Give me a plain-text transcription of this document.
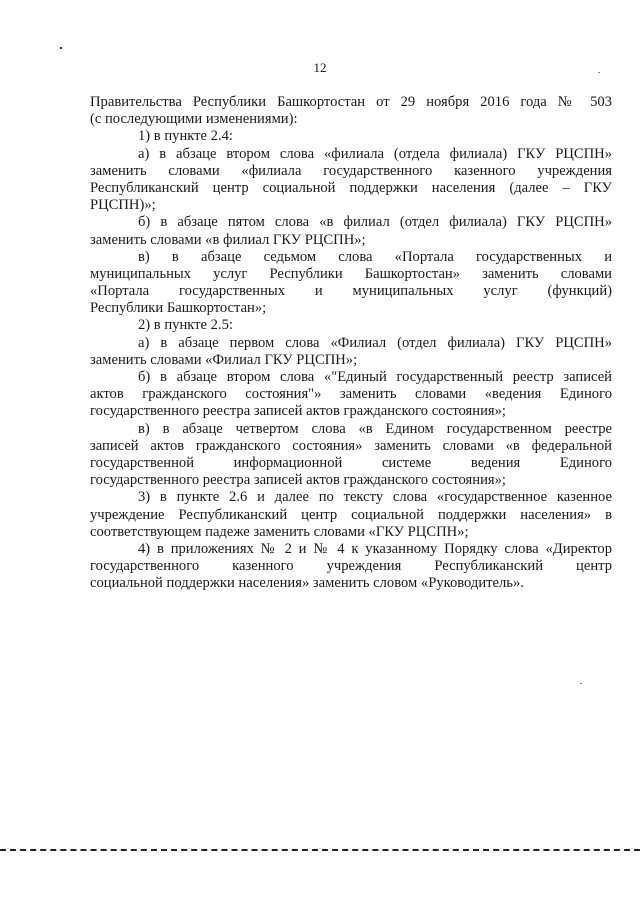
12
Правительства Республики Башкортостан от 29 ноября 2016 года № 503
(с последующими изменениями):
1) в пункте 2.4:
а) в абзаце втором слова «филиала (отдела филиала) ГКУ РЦСПН»
заменить словами «филиала государственного казенного учреждения
Республиканский центр социальной поддержки населения (далее – ГКУ
РЦСПН)»;
б) в абзаце пятом слова «в филиал (отдел филиала) ГКУ РЦСПН»
заменить словами «в филиал ГКУ РЦСПН»;
в) в абзаце седьмом слова «Портала государственных и
муниципальных услуг Республики Башкортостан» заменить словами
«Портала государственных и муниципальных услуг (функций)
Республики Башкортостан»;
2) в пункте 2.5:
а) в абзаце первом слова «Филиал (отдел филиала) ГКУ РЦСПН»
заменить словами «Филиал ГКУ РЦСПН»;
б) в абзаце втором слова «"Единый государственный реестр записей
актов гражданского состояния"» заменить словами «ведения Единого
государственного реестра записей актов гражданского состояния»;
в) в абзаце четвертом слова «в Едином государственном реестре
записей актов гражданского состояния» заменить словами «в федеральной
государственной информационной системе ведения Единого
государственного реестра записей актов гражданского состояния»;
3) в пункте 2.6 и далее по тексту слова «государственное казенное
учреждение Республиканский центр социальной поддержки населения» в
соответствующем падеже заменить словами «ГКУ РЦСПН»;
4) в приложениях № 2 и № 4 к указанному Порядку слова «Директор
государственного казенного учреждения Республиканский центр
социальной поддержки населения» заменить словом «Руководитель».
